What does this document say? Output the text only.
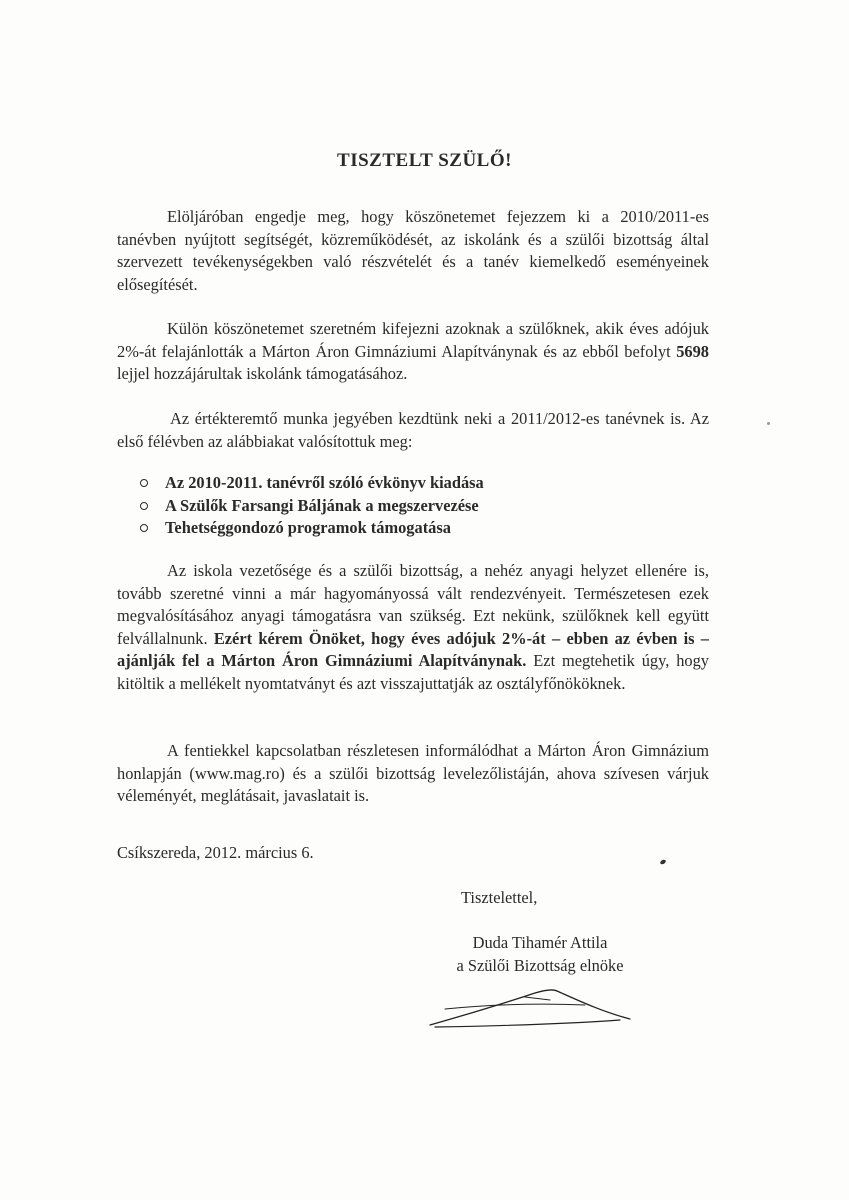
TISZTELT SZÜLŐ!

Elöljáróban engedje meg, hogy köszönetemet fejezzem ki a 2010/2011-es tanévben nyújtott segítségét, közreműködését, az iskolánk és a szülői bizottság által szervezett tevékenységekben való részvételét és a tanév kiemelkedő eseményeinek elősegítését.

Külön köszönetemet szeretném kifejezni azoknak a szülőknek, akik éves adójuk 2%-át felajánlották a Márton Áron Gimnáziumi Alapítványnak és az ebből befolyt 5698 lejjel hozzájárultak iskolánk támogatásához.

Az értékteremtő munka jegyében kezdtünk neki a 2011/2012-es tanévnek is. Az első félévben az alábbiakat valósítottuk meg:

Az 2010-2011. tanévről szóló évkönyv kiadása
A Szülők Farsangi Báljának a megszervezése
Tehetséggondozó programok támogatása

Az iskola vezetősége és a szülői bizottság, a nehéz anyagi helyzet ellenére is, tovább szeretné vinni a már hagyományossá vált rendezvényeit. Természetesen ezek megvalósításához anyagi támogatásra van szükség. Ezt nekünk, szülőknek kell együtt felvállalnunk. Ezért kérem Önöket, hogy éves adójuk 2%-át – ebben az évben is – ajánlják fel a Márton Áron Gimnáziumi Alapítványnak. Ezt megtehetik úgy, hogy kitöltik a mellékelt nyomtatványt és azt visszajuttatják az osztályfőnököknek.

A fentiekkel kapcsolatban részletesen informálódhat a Márton Áron Gimnázium honlapján (www.mag.ro) és a szülői bizottság levelezőlistáján, ahova szívesen várjuk véleményét, meglátásait, javaslatait is.

Csíkszereda, 2012. március 6.
Tisztelettel,
Duda Tihamér Attila
a Szülői Bizottság elnöke
